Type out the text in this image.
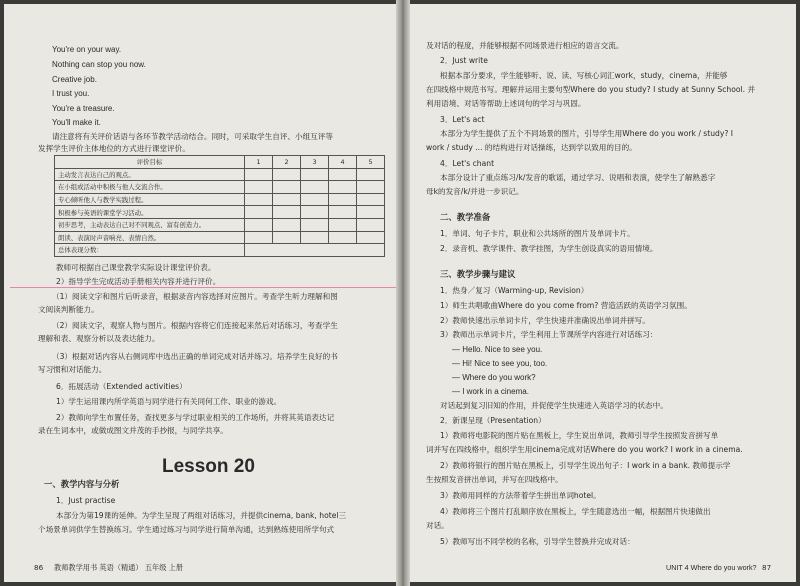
You're on your way.
Nothing can stop you now.
Creative job.
I trust you.
You're a treasure.
You'll make it.
请注意将有关评价话语与各环节教学活动结合。同时，可采取学生自评、小组互评等
发挥学生评价主体地位的方式进行课堂评价。
评价目标	1	2	3	4	5
主动发言表达自己的观点。					
在小组或活动中积极与他人交流合作。					
专心倾听他人与教学实践过程。					
积极参与英语的课堂学习活动。					
初步思考，主动表达自己对不同观点、富有创造力。					
朗读、表演时声音响亮、表情自然。					
总体表现分数：					
教师可根据自己课堂教学实际设计课堂评价表。
2）指导学生完成活动手册相关内容并进行评价。
（1）阅读文字和图片后听录音，根据录音内容选择对应图片。考查学生听力理解和图
文阅读判断能力。
（2）阅读文字，观察人物与图片。根据内容将它们连接起来然后对话练习，考查学生
理解和表、观察分析以及表达能力。
（3）根据对话内容从右侧词库中选出正确的单词完成对话并练习。培养学生良好的书
写习惯和对话能力。
6．拓展活动（Extended activities）
1）学生运用课内所学英语与同学进行有关同何工作、职业的游戏。
2）教师向学生布置任务，查找更多与学过职业相关的工作场所，并将其英语表达记
录在生词本中，或做成图文并茂的手抄报，与同学共享。
Lesson 20
一、教学内容与分析
1．Just practise
本部分为第19课的延伸。为学生呈现了两组对话练习，并提供cinema, bank, hotel三
个场景单词供学生替换练习。学生通过练习与同学进行简单沟通，达到熟练使用所学句式
86 教师教学用书 英语（精通） 五年级 上册
及对话的程度，并能够根据不同场景进行相应的语言交流。
2．Just write
根据本部分要求，学生能够听、说、读、写核心词汇work，study，cinema，并能够
在四线格中规范书写。理解并运用主要句型Where do you study? I study at Sunny School. 并
利用语境、对话等帮助上述词句的学习与巩固。
3．Let's act
本部分为学生提供了五个不同场景的图片，引导学生用Where do you work / study? I
work / study ... 的结构进行对话操练，达到学以致用的目的。
4．Let's chant
本部分设计了重点练习/k/发音的歌谣，通过学习、说唱和表演，使学生了解熟悉字
母k的发音/k/并进一步识记。
二、教学准备
1．单词、句子卡片，职业和公共场所的图片及单词卡片。
2．录音机、教学课件、教学挂图，为学生创设真实的语用情境。
三、教学步骤与建议
1．热身／复习（Warming-up, Revision）
1）师生共唱歌曲Where do you come from? 营造活跃的英语学习氛围。
2）教师快速出示单词卡片，学生快速并准确说出单词并拼写。
3）教师出示单词卡片，学生利用上节课所学内容进行对话练习：
— Hello. Nice to see you.
— Hi! Nice to see you, too.
— Where do you work?
— I work in a cinema.
对话起到复习旧知的作用，并促使学生快速进入英语学习的状态中。
2．新课呈现（Presentation）
1）教师将电影院的图片贴在黑板上，学生说出单词，教师引导学生按照发音拼写单
词并写在四线格中，组织学生用cinema完成对话Where do you work? I work in a cinema.
2）教师将银行的图片贴在黑板上，引导学生说出句子：I work in a bank. 教师提示学
生按照发音拼出单词，并写在四线格中。
3）教师用同样的方法带着学生拼出单词hotel。
4）教师将三个图片打乱顺序放在黑板上，学生随意选出一幅，根据图片快速做出
对话。
5）教师写出不同学校的名称，引导学生替换并完成对话：
UNIT 4 Where do you work? 87
